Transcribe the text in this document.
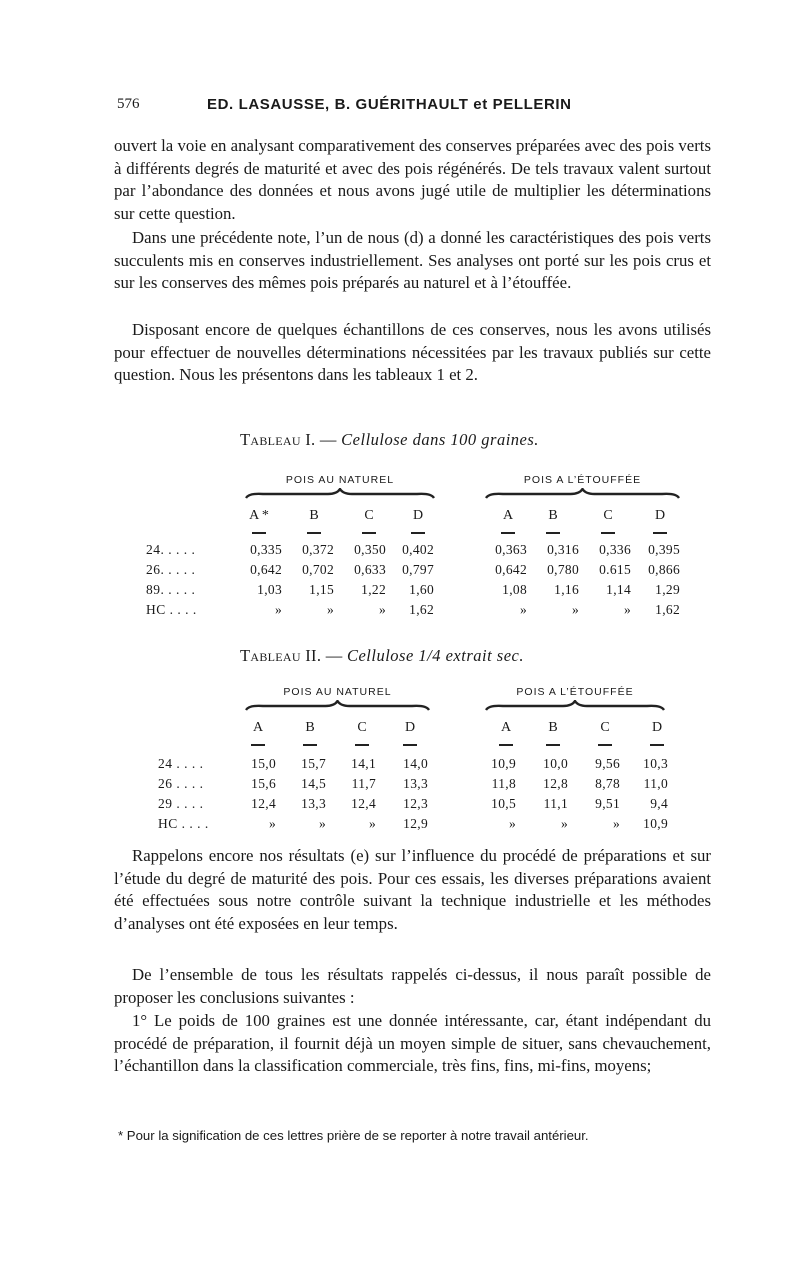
576	ED. LASAUSSE, B. GUÉRITHAULT et PELLERIN

ouvert la voie en analysant comparativement des conserves préparées avec des pois verts à différents degrés de maturité et avec des pois régénérés. De tels travaux valent surtout par l’abondance des données et nous avons jugé utile de multiplier les déterminations sur cette question.

Dans une précédente note, l’un de nous (d) a donné les caractéristiques des pois verts succulents mis en conserves industriellement. Ses analyses ont porté sur les pois crus et sur les conserves des mêmes pois préparés au naturel et à l’étouffée.

Disposant encore de quelques échantillons de ces conserves, nous les avons utilisés pour effectuer de nouvelles déterminations nécessitées par les travaux publiés sur cette question. Nous les présentons dans les tableaux 1 et 2.

Tableau I. — Cellulose dans 100 graines.
POIS AU NATUREL	POIS A L’ÉTOUFFÉE
A *	B	C	D	A	B	C	D
24. . . . .	0,335	0,372	0,350	0,402	0,363	0,316	0,336	0,395
26. . . . .	0,642	0,702	0,633	0,797	0,642	0,780	0.615	0,866
89. . . . .	1,03	1,15	1,22	1,60	1,08	1,16	1,14	1,29
HC . . . .	»	»	»	1,62	»	»	»	1,62
Tableau II. — Cellulose 1/4 extrait sec.
POIS AU NATUREL	POIS A L’ÉTOUFFÉE
A	B	C	D	A	B	C	D
24 . . . .	15,0	15,7	14,1	14,0	10,9	10,0	9,56	10,3
26 . . . .	15,6	14,5	11,7	13,3	11,8	12,8	8,78	11,0
29 . . . .	12,4	13,3	12,4	12,3	10,5	11,1	9,51	9,4
HC . . . .	»	»	»	12,9	»	»	»	10,9

Rappelons encore nos résultats (e) sur l’influence du procédé de préparations et sur l’étude du degré de maturité des pois. Pour ces essais, les diverses préparations avaient été effectuées sous notre contrôle suivant la technique industrielle et les méthodes d’analyses ont été exposées en leur temps.

De l’ensemble de tous les résultats rappelés ci-dessus, il nous paraît possible de proposer les conclusions suivantes :

1° Le poids de 100 graines est une donnée intéressante, car, étant indépendant du procédé de préparation, il fournit déjà un moyen simple de situer, sans chevauchement, l’échantillon dans la classification commerciale, très fins, fins, mi-fins, moyens;

* Pour la signification de ces lettres prière de se reporter à notre travail antérieur.
